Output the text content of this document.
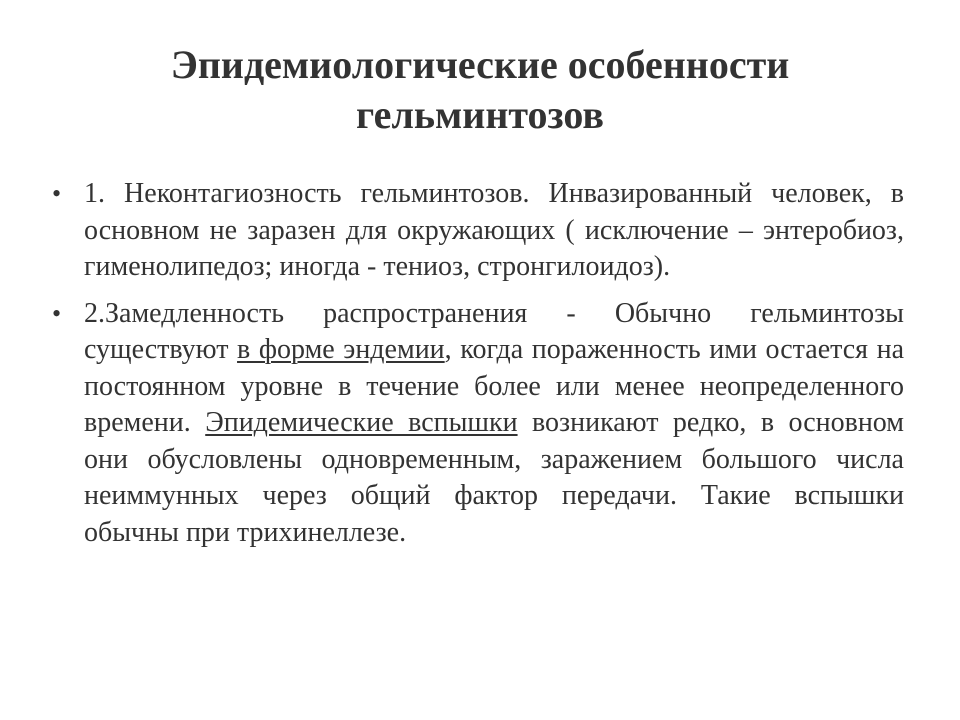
Эпидемиологические особенности
гельминтозов
• 1. Неконтагиозность гельминтозов. Инвазированный человек, в основном не заразен для окружающих ( исключение – энтеробиоз, гименолипедоз; иногда - тениоз, стронгилоидоз).
• 2.Замедленность распространения - Обычно гельминтозы существуют в форме эндемии, когда пораженность ими остается на постоянном уровне в течение более или менее неопределенного времени. Эпидемические вспышки возникают редко, в основном они обусловлены одновременным, заражением большого числа неиммунных через общий фактор передачи. Такие вспышки обычны при трихинеллезе.
